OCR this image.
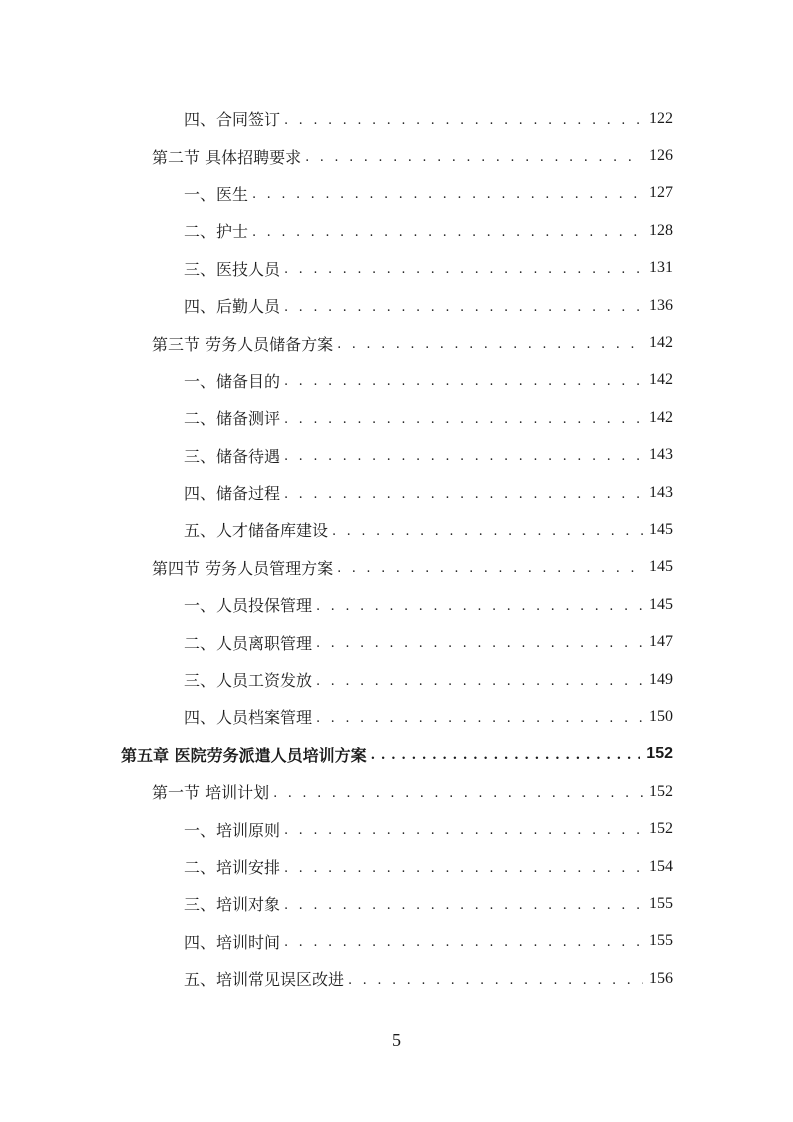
四、合同签订 . . .	122
第二节 具体招聘要求 . . .	126
一、医生 . . .	127
二、护士 . . .	128
三、医技人员 . . .	131
四、后勤人员 . . .	136
第三节 劳务人员储备方案 . . .	142
一、储备目的 . . .	142
二、储备测评 . . .	142
三、储备待遇 . . .	143
四、储备过程 . . .	143
五、人才储备库建设 . . .	145
第四节 劳务人员管理方案 . . .	145
一、人员投保管理 . . .	145
二、人员离职管理 . . .	147
三、人员工资发放 . . .	149
四、人员档案管理 . . .	150
第五章 医院劳务派遣人员培训方案 . . .	152
第一节 培训计划 . . .	152
一、培训原则 . . .	152
二、培训安排 . . .	154
三、培训对象 . . .	155
四、培训时间 . . .	155
五、培训常见误区改进 . . .	156
5
